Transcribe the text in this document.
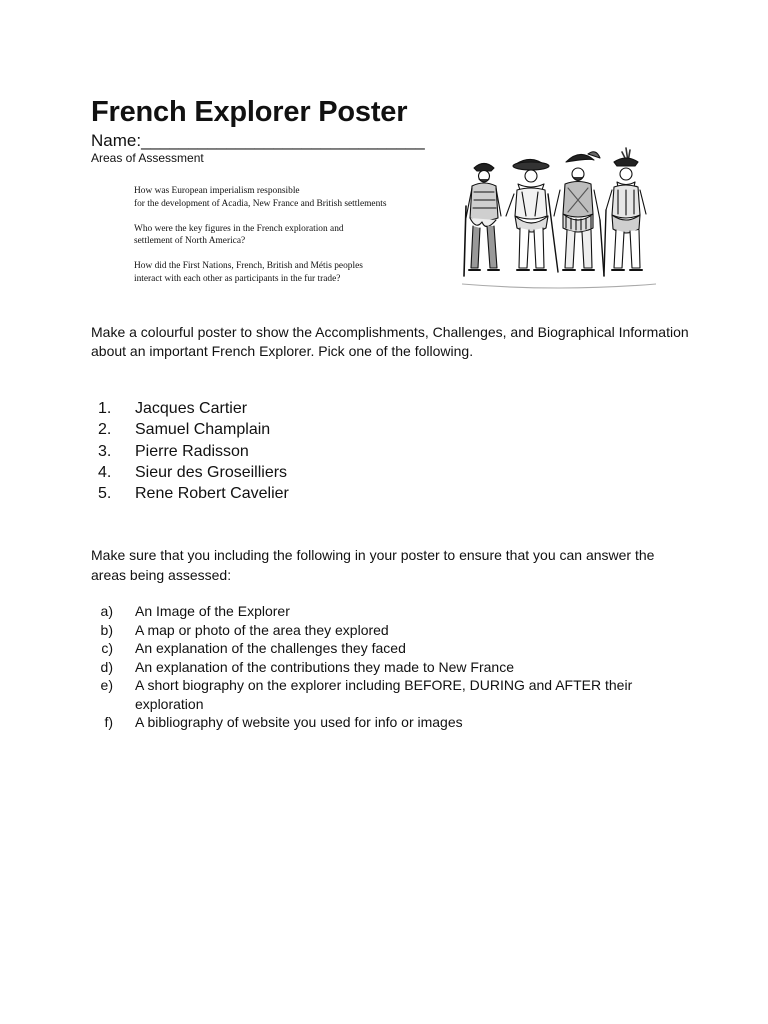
French Explorer Poster
Name:______________________________
Areas of Assessment

How was European imperialism responsible
for the development of Acadia, New France and British settlements

Who were the key figures in the French exploration and
settlement of North America?

How did the First Nations, French, British and Métis peoples
interact with each other as participants in the fur trade?

Make a colourful poster to show the Accomplishments, Challenges, and Biographical Information about an important French Explorer. Pick one of the following.
1. Jacques Cartier
2. Samuel Champlain
3. Pierre Radisson
4. Sieur des Groseilliers
5. Rene Robert Cavelier
Make sure that you including the following in your poster to ensure that you can answer the areas being assessed:
a) An Image of the Explorer
b) A map or photo of the area they explored
c) An explanation of the challenges they faced
d) An explanation of the contributions they made to New France
e) A short biography on the explorer including BEFORE, DURING and AFTER their exploration
f) A bibliography of website you used for info or images
